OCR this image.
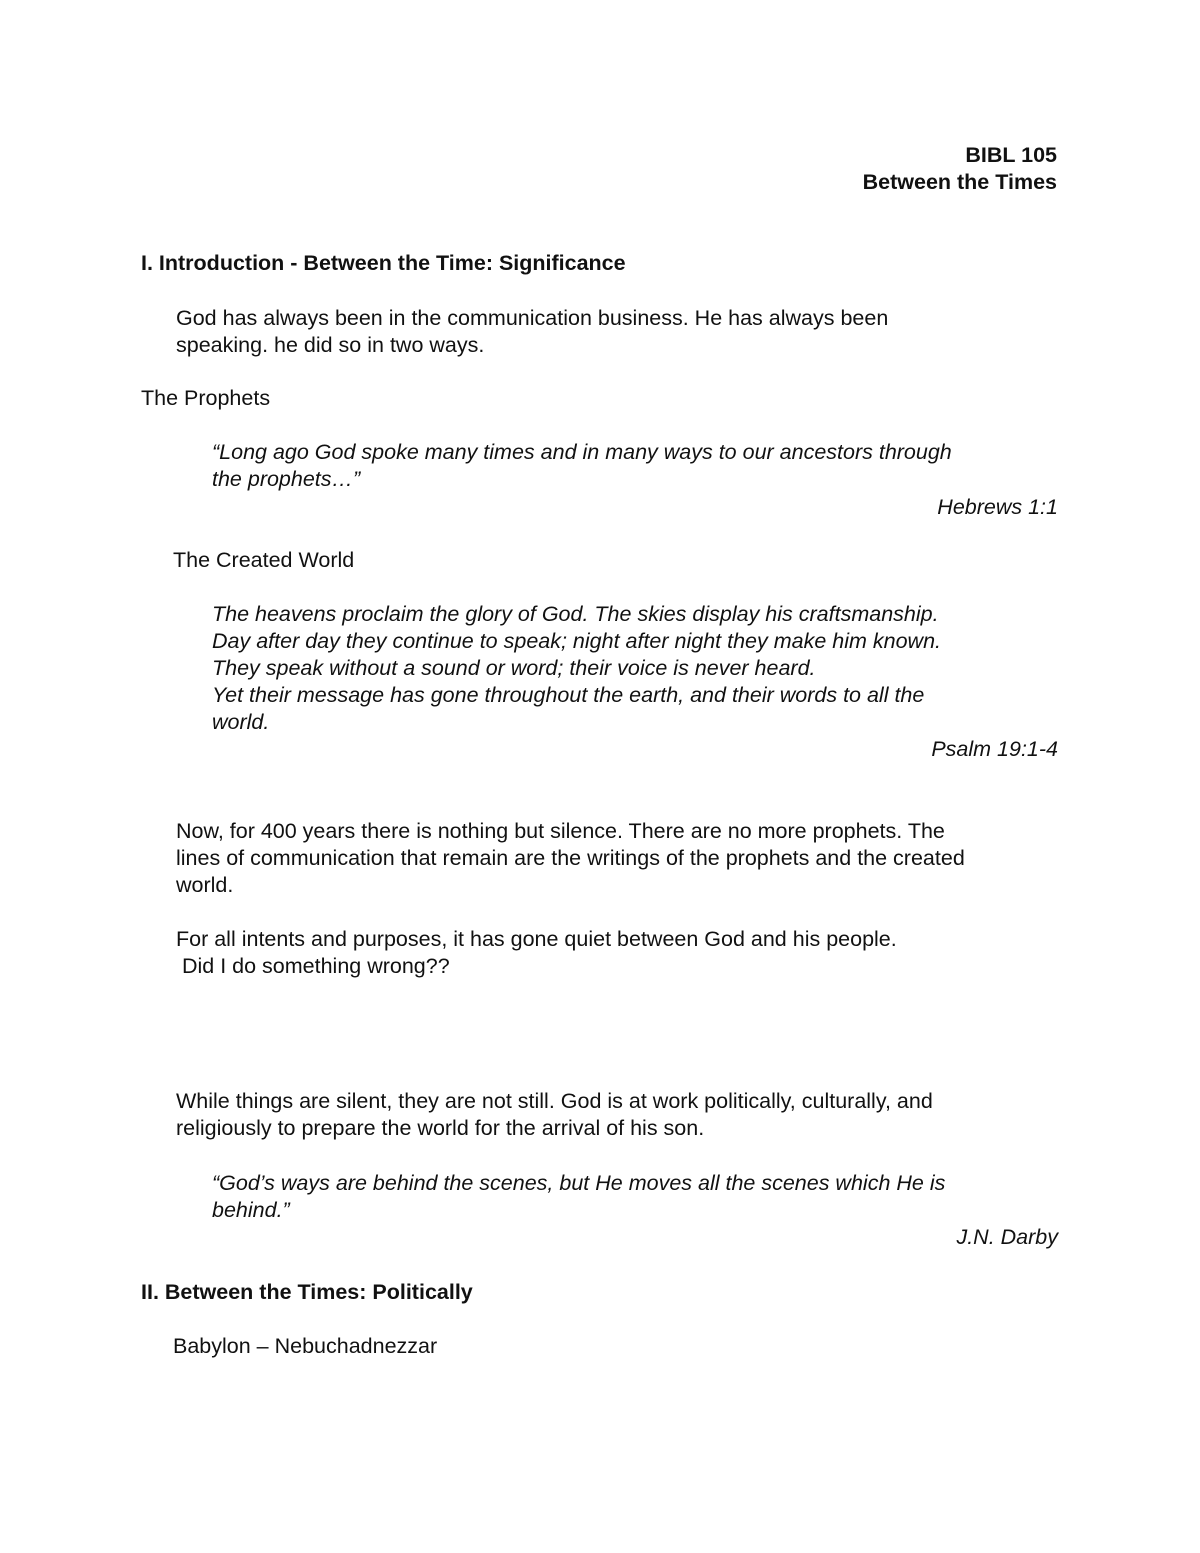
BIBL 105

Between the Times

I. Introduction - Between the Time: Significance

God has always been in the communication business. He has always been

speaking. he did so in two ways.

The Prophets

“Long ago God spoke many times and in many ways to our ancestors through

the prophets…”

Hebrews 1:1

The Created World

The heavens proclaim the glory of God. The skies display his craftsmanship.

Day after day they continue to speak; night after night they make him known.

They speak without a sound or word; their voice is never heard.

Yet their message has gone throughout the earth, and their words to all the

world.

Psalm 19:1-4

Now, for 400 years there is nothing but silence. There are no more prophets. The

lines of communication that remain are the writings of the prophets and the created

world.

For all intents and purposes, it has gone quiet between God and his people.

Did I do something wrong??

While things are silent, they are not still. God is at work politically, culturally, and

religiously to prepare the world for the arrival of his son.

“God’s ways are behind the scenes, but He moves all the scenes which He is

behind.”

J.N. Darby

II. Between the Times: Politically

Babylon – Nebuchadnezzar
